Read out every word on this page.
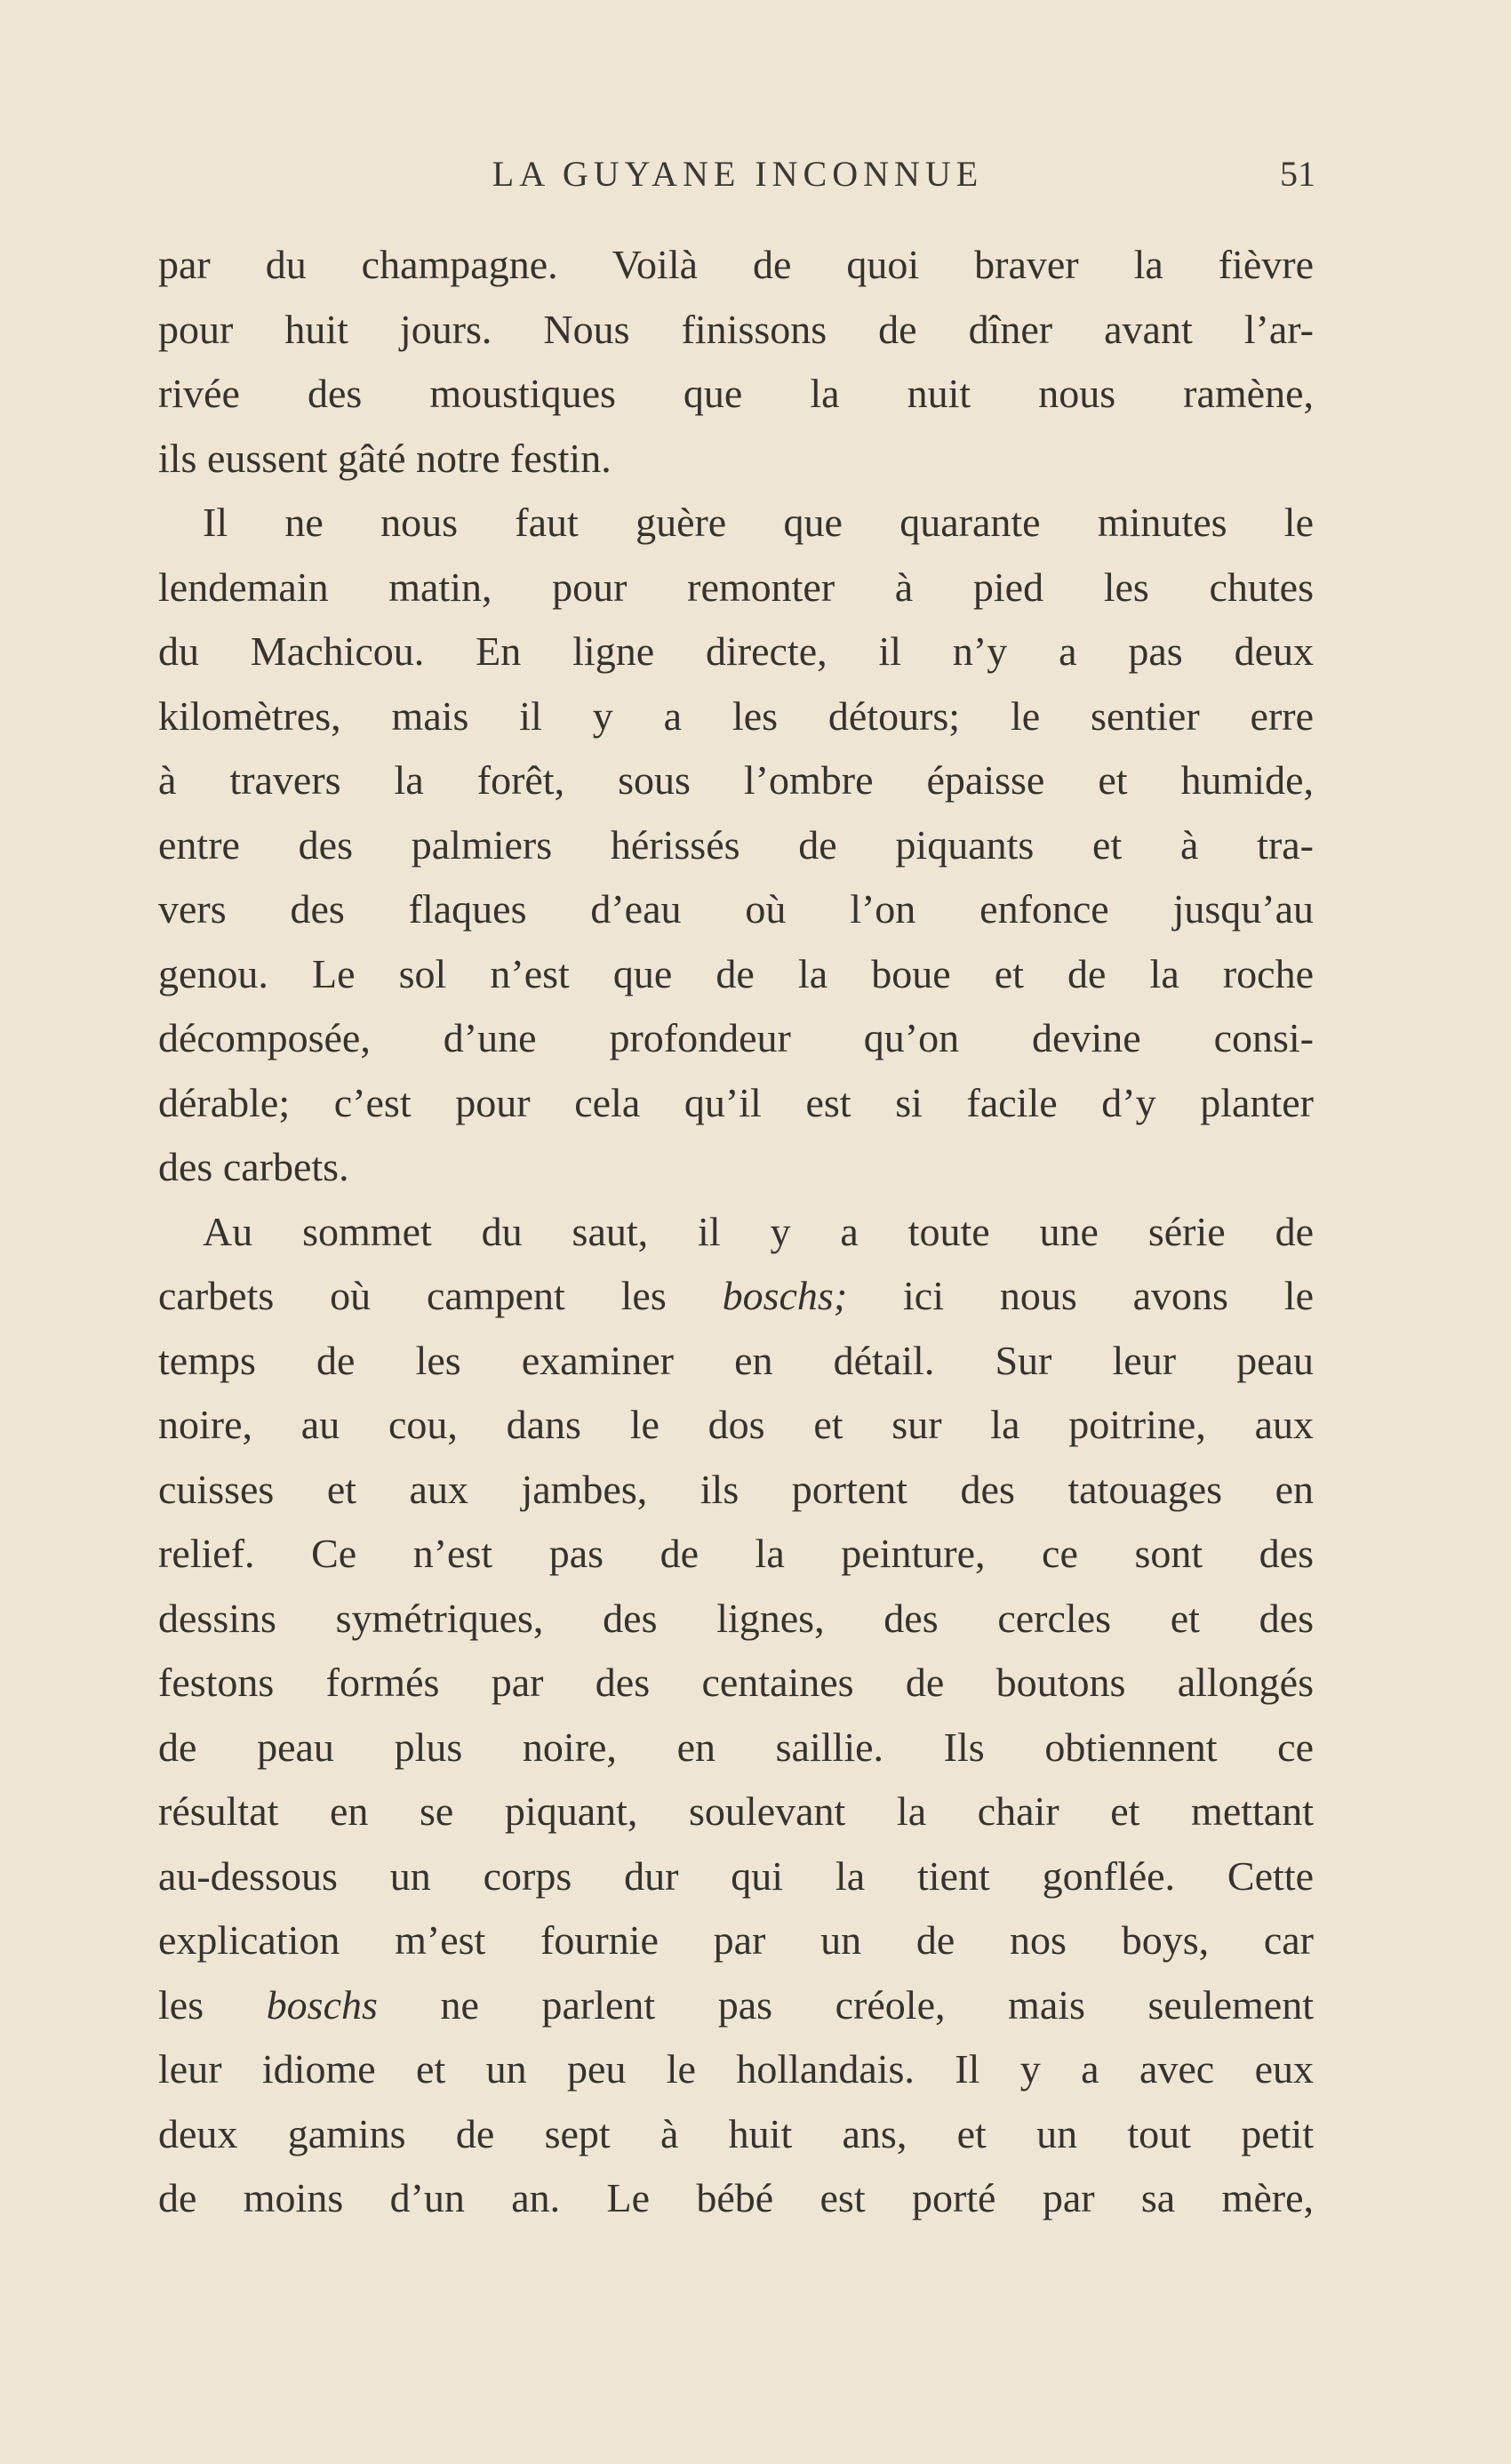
LA GUYANE INCONNUE	51
par du champagne. Voilà de quoi braver la fièvre
pour huit jours. Nous finissons de dîner avant l’ar-
rivée des moustiques que la nuit nous ramène,
ils eussent gâté notre festin.
Il ne nous faut guère que quarante minutes le
lendemain matin, pour remonter à pied les chutes
du Machicou. En ligne directe, il n’y a pas deux
kilomètres, mais il y a les détours; le sentier erre
à travers la forêt, sous l’ombre épaisse et humide,
entre des palmiers hérissés de piquants et à tra-
vers des flaques d’eau où l’on enfonce jusqu’au
genou. Le sol n’est que de la boue et de la roche
décomposée, d’une profondeur qu’on devine consi-
dérable; c’est pour cela qu’il est si facile d’y planter
des carbets.
Au sommet du saut, il y a toute une série de
carbets où campent les boschs; ici nous avons le
temps de les examiner en détail. Sur leur peau
noire, au cou, dans le dos et sur la poitrine, aux
cuisses et aux jambes, ils portent des tatouages en
relief. Ce n’est pas de la peinture, ce sont des
dessins symétriques, des lignes, des cercles et des
festons formés par des centaines de boutons allongés
de peau plus noire, en saillie. Ils obtiennent ce
résultat en se piquant, soulevant la chair et mettant
au-dessous un corps dur qui la tient gonflée. Cette
explication m’est fournie par un de nos boys, car
les boschs ne parlent pas créole, mais seulement
leur idiome et un peu le hollandais. Il y a avec eux
deux gamins de sept à huit ans, et un tout petit
de moins d’un an. Le bébé est porté par sa mère,
